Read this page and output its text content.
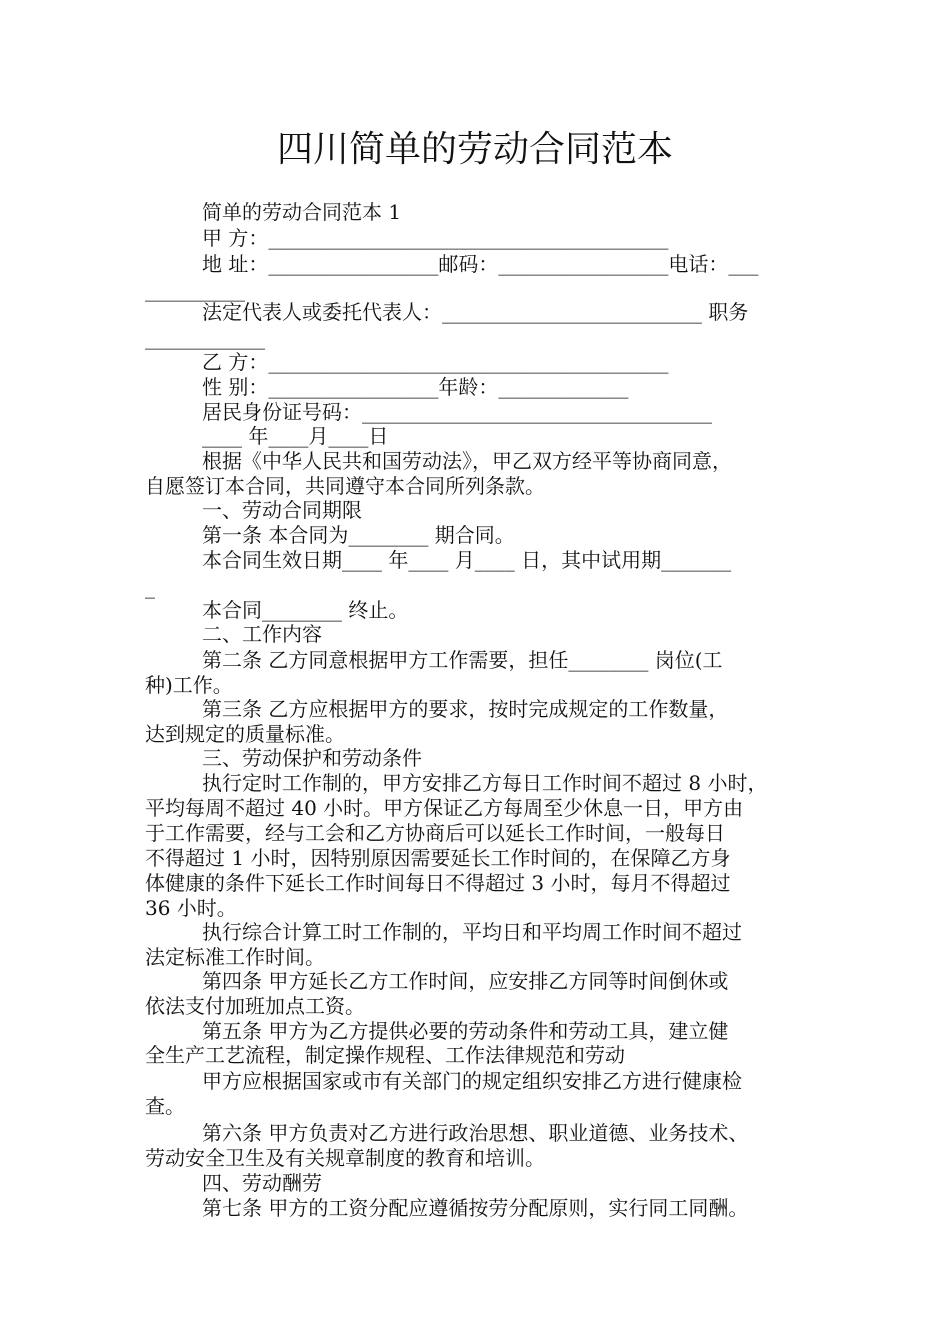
四川简单的劳动合同范本
简单的劳动合同范本 1
甲 方：________________________________________
地 址：_________________邮码：_________________电话：___
__________
法定代表人或委托代表人：__________________________ 职务
____________
乙 方：________________________________________
性 别：_________________年龄：_____________
居民身份证号码：___________________________________
____ 年____月____日
根据《中华人民共和国劳动法》，甲乙双方经平等协商同意，
自愿签订本合同，共同遵守本合同所列条款。
一、劳动合同期限
第一条 本合同为________ 期合同。
本合同生效日期____ 年____ 月____ 日，其中试用期_______
_
本合同________ 终止。
二、工作内容
第二条 乙方同意根据甲方工作需要，担任________ 岗位(工
种)工作。
第三条 乙方应根据甲方的要求，按时完成规定的工作数量，
达到规定的质量标准。
三、劳动保护和劳动条件
执行定时工作制的，甲方安排乙方每日工作时间不超过 8 小时，
平均每周不超过 40 小时。甲方保证乙方每周至少休息一日，甲方由
于工作需要，经与工会和乙方协商后可以延长工作时间，一般每日
不得超过 1 小时，因特别原因需要延长工作时间的，在保障乙方身
体健康的条件下延长工作时间每日不得超过 3 小时，每月不得超过
36 小时。
执行综合计算工时工作制的，平均日和平均周工作时间不超过
法定标准工作时间。
第四条 甲方延长乙方工作时间，应安排乙方同等时间倒休或
依法支付加班加点工资。
第五条 甲方为乙方提供必要的劳动条件和劳动工具，建立健
全生产工艺流程，制定操作规程、工作法律规范和劳动
甲方应根据国家或市有关部门的规定组织安排乙方进行健康检
查。
第六条 甲方负责对乙方进行政治思想、职业道德、业务技术、
劳动安全卫生及有关规章制度的教育和培训。
四、劳动酬劳
第七条 甲方的工资分配应遵循按劳分配原则，实行同工同酬。
